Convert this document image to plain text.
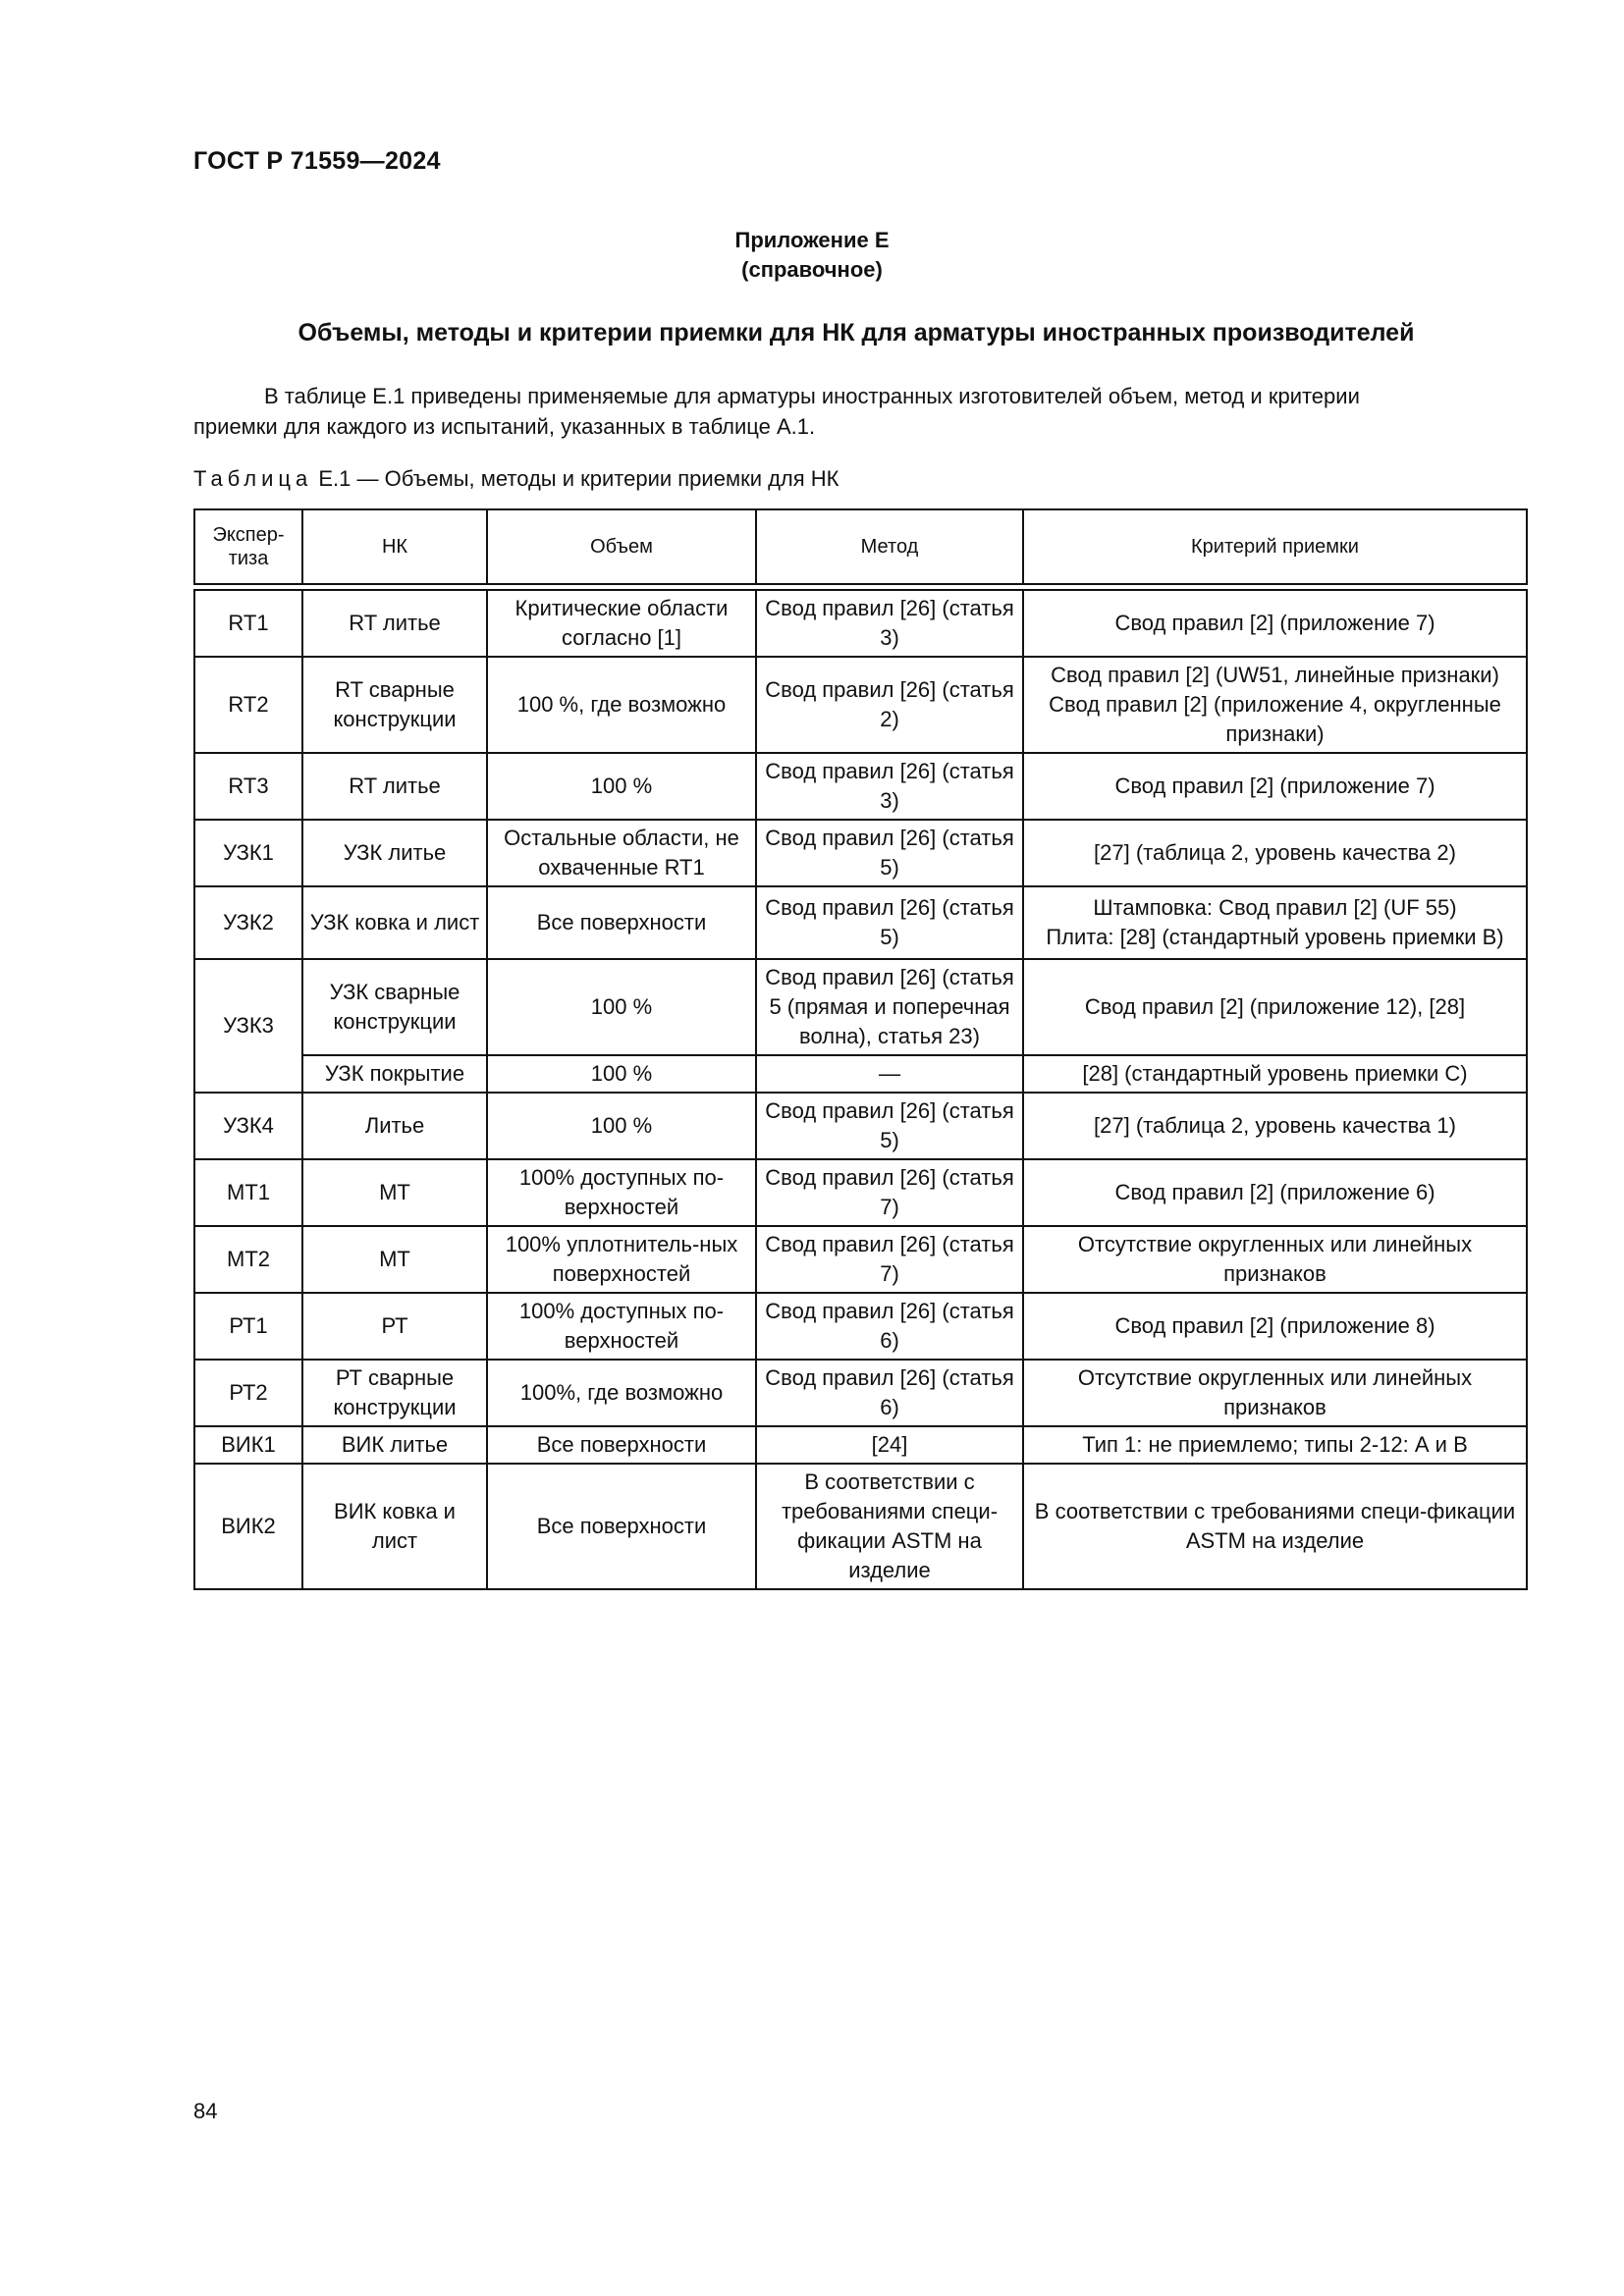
ГОСТ Р 71559—2024
Приложение Е
(справочное)
Объемы, методы и критерии приемки для НК для арматуры иностранных производителей
В таблице Е.1 приведены применяемые для арматуры иностранных изготовителей объем, метод и критерии
приемки для каждого из испытаний, указанных в таблице А.1.
Таблица Е.1 — Объемы, методы и критерии приемки для НК
Экспер-тиза	НК	Объем	Метод	Критерий приемки

RT1	RT литье	Критические области согласно [1]	Свод правил [26] (статья 3)	Свод правил [2] (приложение 7)
RT2	RT сварные конструкции	100 %, где возможно	Свод правил [26] (статья 2)	Свод правил [2] (UW51, линейные признаки)
Свод правил [2] (приложение 4, округленные признаки)
RT3	RT литье	100 %	Свод правил [26] (статья 3)	Свод правил [2] (приложение 7)
УЗК1	УЗК литье	Остальные области, не охваченные RT1	Свод правил [26] (статья 5)	[27] (таблица 2, уровень качества 2)
УЗК2	УЗК ковка и лист	Все поверхности	Свод правил [26] (статья 5)	Штамповка: Свод правил [2] (UF 55)
Плита: [28] (стандартный уровень приемки В)
УЗК3	УЗК сварные конструкции	100 %	Свод правил [26] (статья 5 (прямая и поперечная волна), статья 23)	Свод правил [2] (приложение 12), [28]
	УЗК покрытие	100 %	—	[28] (стандартный уровень приемки С)
УЗК4	Литье	100 %	Свод правил [26] (статья 5)	[27] (таблица 2, уровень качества 1)
МТ1	МТ	100% доступных по-верхностей	Свод правил [26] (статья 7)	Свод правил [2] (приложение 6)
МТ2	МТ	100% уплотнитель-ных поверхностей	Свод правил [26] (статья 7)	Отсутствие округленных или линейных признаков
РТ1	РТ	100% доступных по-верхностей	Свод правил [26] (статья 6)	Свод правил [2] (приложение 8)
РТ2	РТ сварные конструкции	100%, где возможно	Свод правил [26] (статья 6)	Отсутствие округленных или линейных признаков
ВИК1	ВИК литье	Все поверхности	[24]	Тип 1: не приемлемо; типы 2-12: А и В
ВИК2	ВИК ковка и лист	Все поверхности	В соответствии с требованиями специ-фикации ASTM на изделие	В соответствии с требованиями специ-фикации ASTM на изделие
84
